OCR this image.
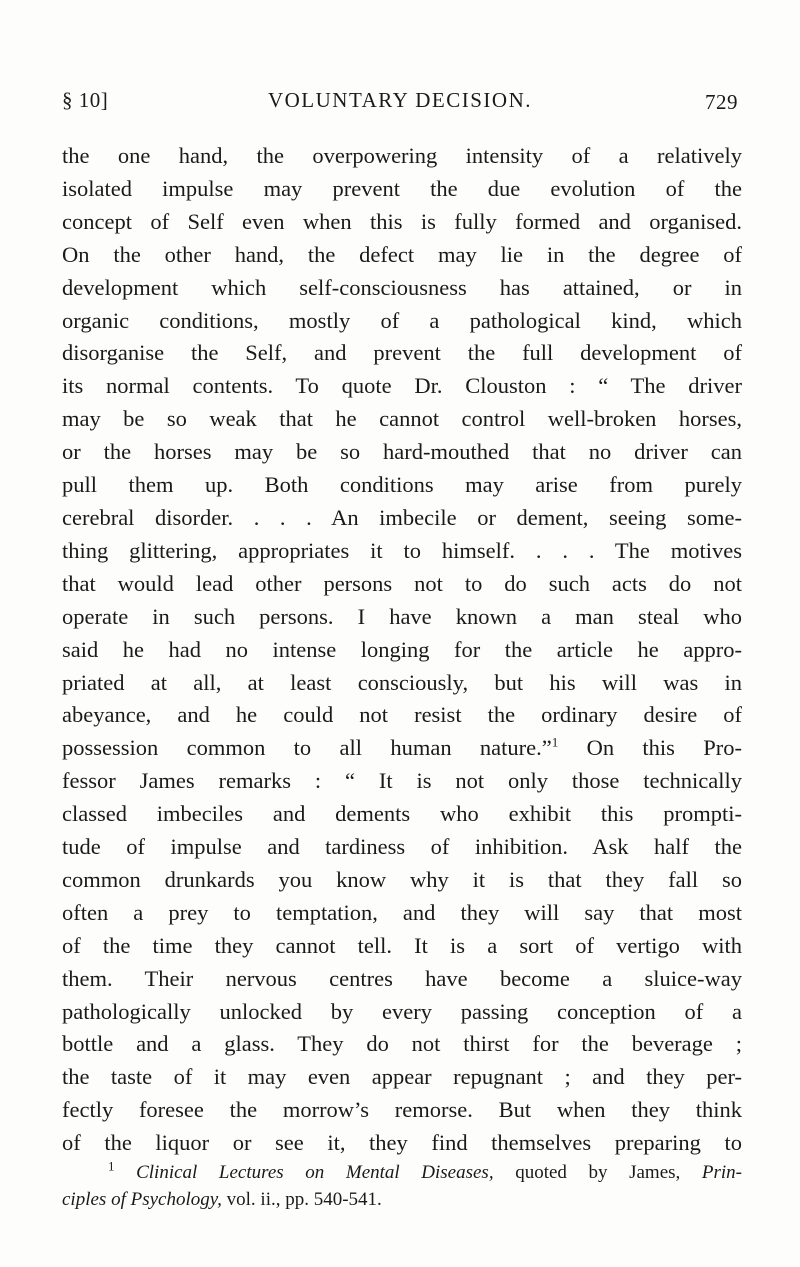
§ 10]	VOLUNTARY DECISION.	729
the one hand, the overpowering intensity of a relatively
isolated impulse may prevent the due evolution of the
concept of Self even when this is fully formed and organised.
On the other hand, the defect may lie in the degree of
development which self-consciousness has attained, or in
organic conditions, mostly of a pathological kind, which
disorganise the Self, and prevent the full development of
its normal contents. To quote Dr. Clouston : “ The driver
may be so weak that he cannot control well-broken horses,
or the horses may be so hard-mouthed that no driver can
pull them up. Both conditions may arise from purely
cerebral disorder. . . . An imbecile or dement, seeing some-
thing glittering, appropriates it to himself. . . . The motives
that would lead other persons not to do such acts do not
operate in such persons. I have known a man steal who
said he had no intense longing for the article he appro-
priated at all, at least consciously, but his will was in
abeyance, and he could not resist the ordinary desire of
possession common to all human nature.”$^1$ On this Pro-
fessor James remarks : “ It is not only those technically
classed imbeciles and dements who exhibit this prompti-
tude of impulse and tardiness of inhibition. Ask half the
common drunkards you know why it is that they fall so
often a prey to temptation, and they will say that most
of the time they cannot tell. It is a sort of vertigo with
them. Their nervous centres have become a sluice-way
pathologically unlocked by every passing conception of a
bottle and a glass. They do not thirst for the beverage ;
the taste of it may even appear repugnant ; and they per-
fectly foresee the morrow’s remorse. But when they think
of the liquor or see it, they find themselves preparing to
$^1$ Clinical Lectures on Mental Diseases, quoted by James, Prin-
ciples of Psychology, vol. ii., pp. 540-541.
